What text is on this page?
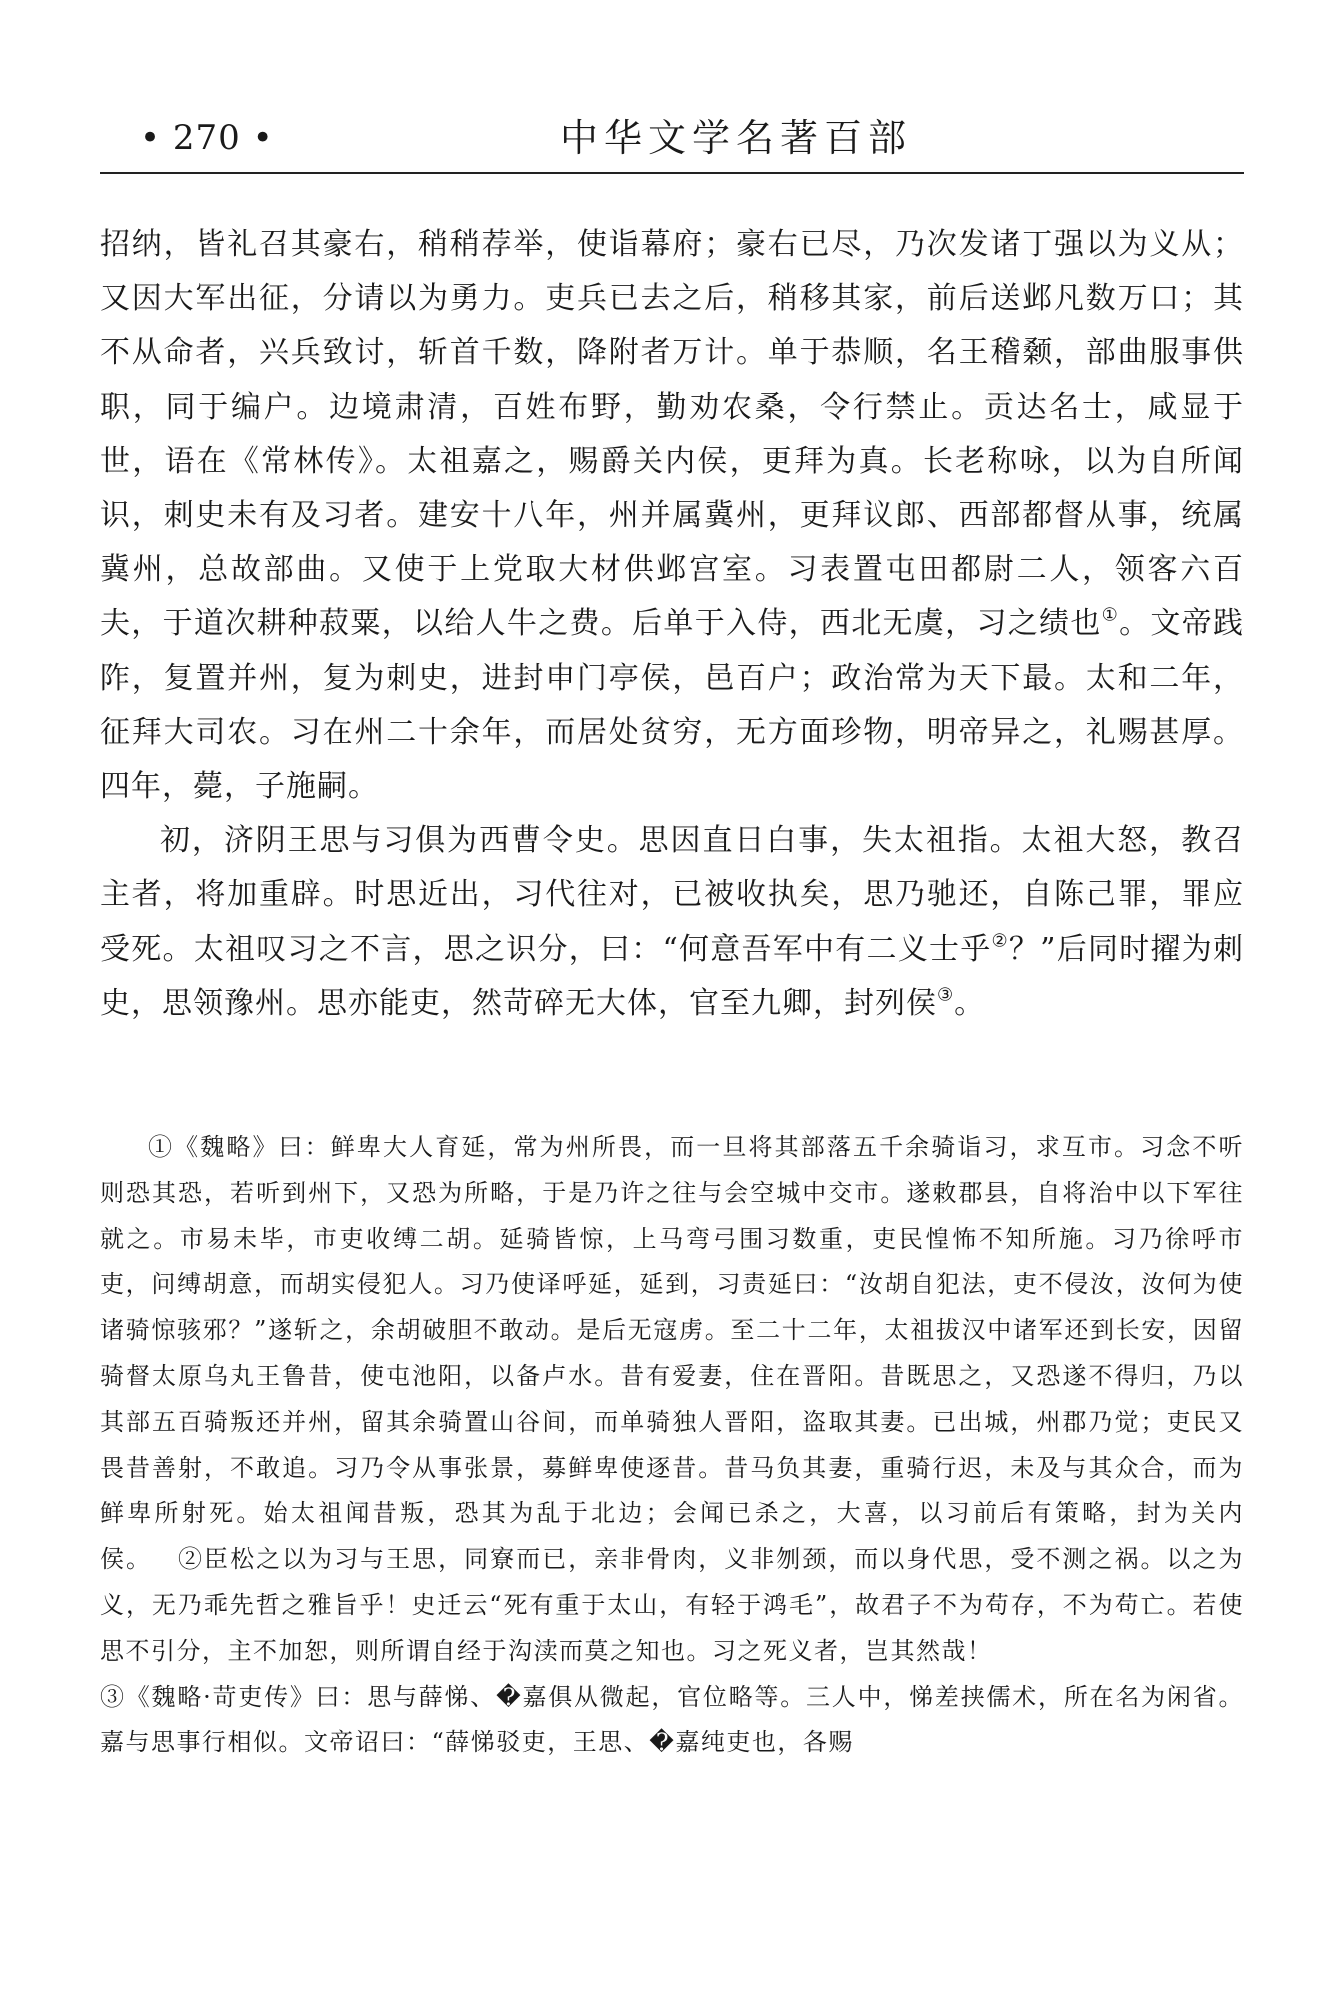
• 270 •	中华文学名著百部

招纳，皆礼召其豪右，稍稍荐举，使诣幕府；豪右已尽，乃次发诸丁强以为义从；又因大军出征，分请以为勇力。吏兵已去之后，稍移其家，前后送邺凡数万口；其不从命者，兴兵致讨，斩首千数，降附者万计。单于恭顺，名王稽颡，部曲服事供职，同于编户。边境肃清，百姓布野，勤劝农桑，令行禁止。贡达名士，咸显于世，语在《常林传》。太祖嘉之，赐爵关内侯，更拜为真。长老称咏，以为自所闻识，刺史未有及习者。建安十八年，州并属冀州，更拜议郎、西部都督从事，统属冀州，总故部曲。又使于上党取大材供邺宫室。习表置屯田都尉二人，领客六百夫，于道次耕种菽粟，以给人牛之费。后单于入侍，西北无虞，习之绩也①。文帝践阼，复置并州，复为刺史，进封申门亭侯，邑百户；政治常为天下最。太和二年，征拜大司农。习在州二十余年，而居处贫穷，无方面珍物，明帝异之，礼赐甚厚。四年，薨，子施嗣。

初，济阴王思与习俱为西曹令史。思因直日白事，失太祖指。太祖大怒，教召主者，将加重辟。时思近出，习代往对，已被收执矣，思乃驰还，自陈己罪，罪应受死。太祖叹习之不言，思之识分，曰：“何意吾军中有二义士乎②？”后同时擢为刺史，思领豫州。思亦能吏，然苛碎无大体，官至九卿，封列侯③。

①《魏略》曰：鲜卑大人育延，常为州所畏，而一旦将其部落五千余骑诣习，求互市。习念不听则恐其恐，若听到州下，又恐为所略，于是乃许之往与会空城中交市。遂敕郡县，自将治中以下军往就之。市易未毕，市吏收缚二胡。延骑皆惊，上马弯弓围习数重，吏民惶怖不知所施。习乃徐呼市吏，问缚胡意，而胡实侵犯人。习乃使译呼延，延到，习责延曰：“汝胡自犯法，吏不侵汝，汝何为使诸骑惊骇邪？”遂斩之，余胡破胆不敢动。是后无寇虏。至二十二年，太祖拔汉中诸军还到长安，因留骑督太原乌丸王鲁昔，使屯池阳，以备卢水。昔有爱妻，住在晋阳。昔既思之，又恐遂不得归，乃以其部五百骑叛还并州，留其余骑置山谷间，而单骑独人晋阳，盗取其妻。已出城，州郡乃觉；吏民又畏昔善射，不敢追。习乃令从事张景，募鲜卑使逐昔。昔马负其妻，重骑行迟，未及与其众合，而为鲜卑所射死。始太祖闻昔叛，恐其为乱于北边；会闻已杀之，大喜，以习前后有策略，封为关内侯。  ②臣松之以为习与王思，同寮而已，亲非骨肉，义非刎颈，而以身代思，受不测之祸。以之为义，无乃乖先哲之雅旨乎！史迁云“死有重于太山，有轻于鸿毛”，故君子不为苟存，不为苟亡。若使思不引分，主不加恕，则所谓自经于沟渎而莫之知也。习之死义者，岂其然哉！

③《魏略·苛吏传》曰：思与薛悌、�嘉俱从微起，官位略等。三人中，悌差挟儒术，所在名为闲省。嘉与思事行相似。文帝诏曰：“薛悌驳吏，王思、�嘉纯吏也，各赐
